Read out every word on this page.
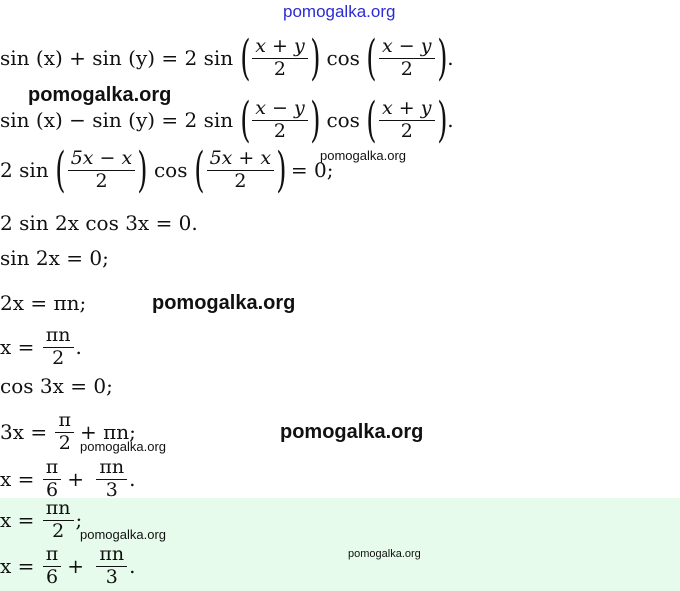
pomogalka.org
sin (x) + sin (y) = 2 sin ( $\frac{x + y}{2}$ ) cos ( $\frac{x - y}{2}$ ) .
pomogalka.org
sin (x) − sin (y) = 2 sin ( $\frac{x - y}{2}$ ) cos ( $\frac{x + y}{2}$ ) .
2 sin ( $\frac{5x - x}{2}$ ) cos ( $\frac{5x + x}{2}$ ) = 0;
pomogalka.org
2 sin 2x cos 3x = 0.
sin 2x = 0;
2x = πn;	pomogalka.org
$x = \frac{\pi n}{2}$ .
cos 3x = 0;
$3x = \frac{\pi}{2} + \pi n$;	pomogalka.org
pomogalka.org
$x = \frac{\pi}{6} + \frac{\pi n}{3}$ .
$x = \frac{\pi n}{2}$ ;
pomogalka.org
$x = \frac{\pi}{6} + \frac{\pi n}{3}$ .	pomogalka.org
